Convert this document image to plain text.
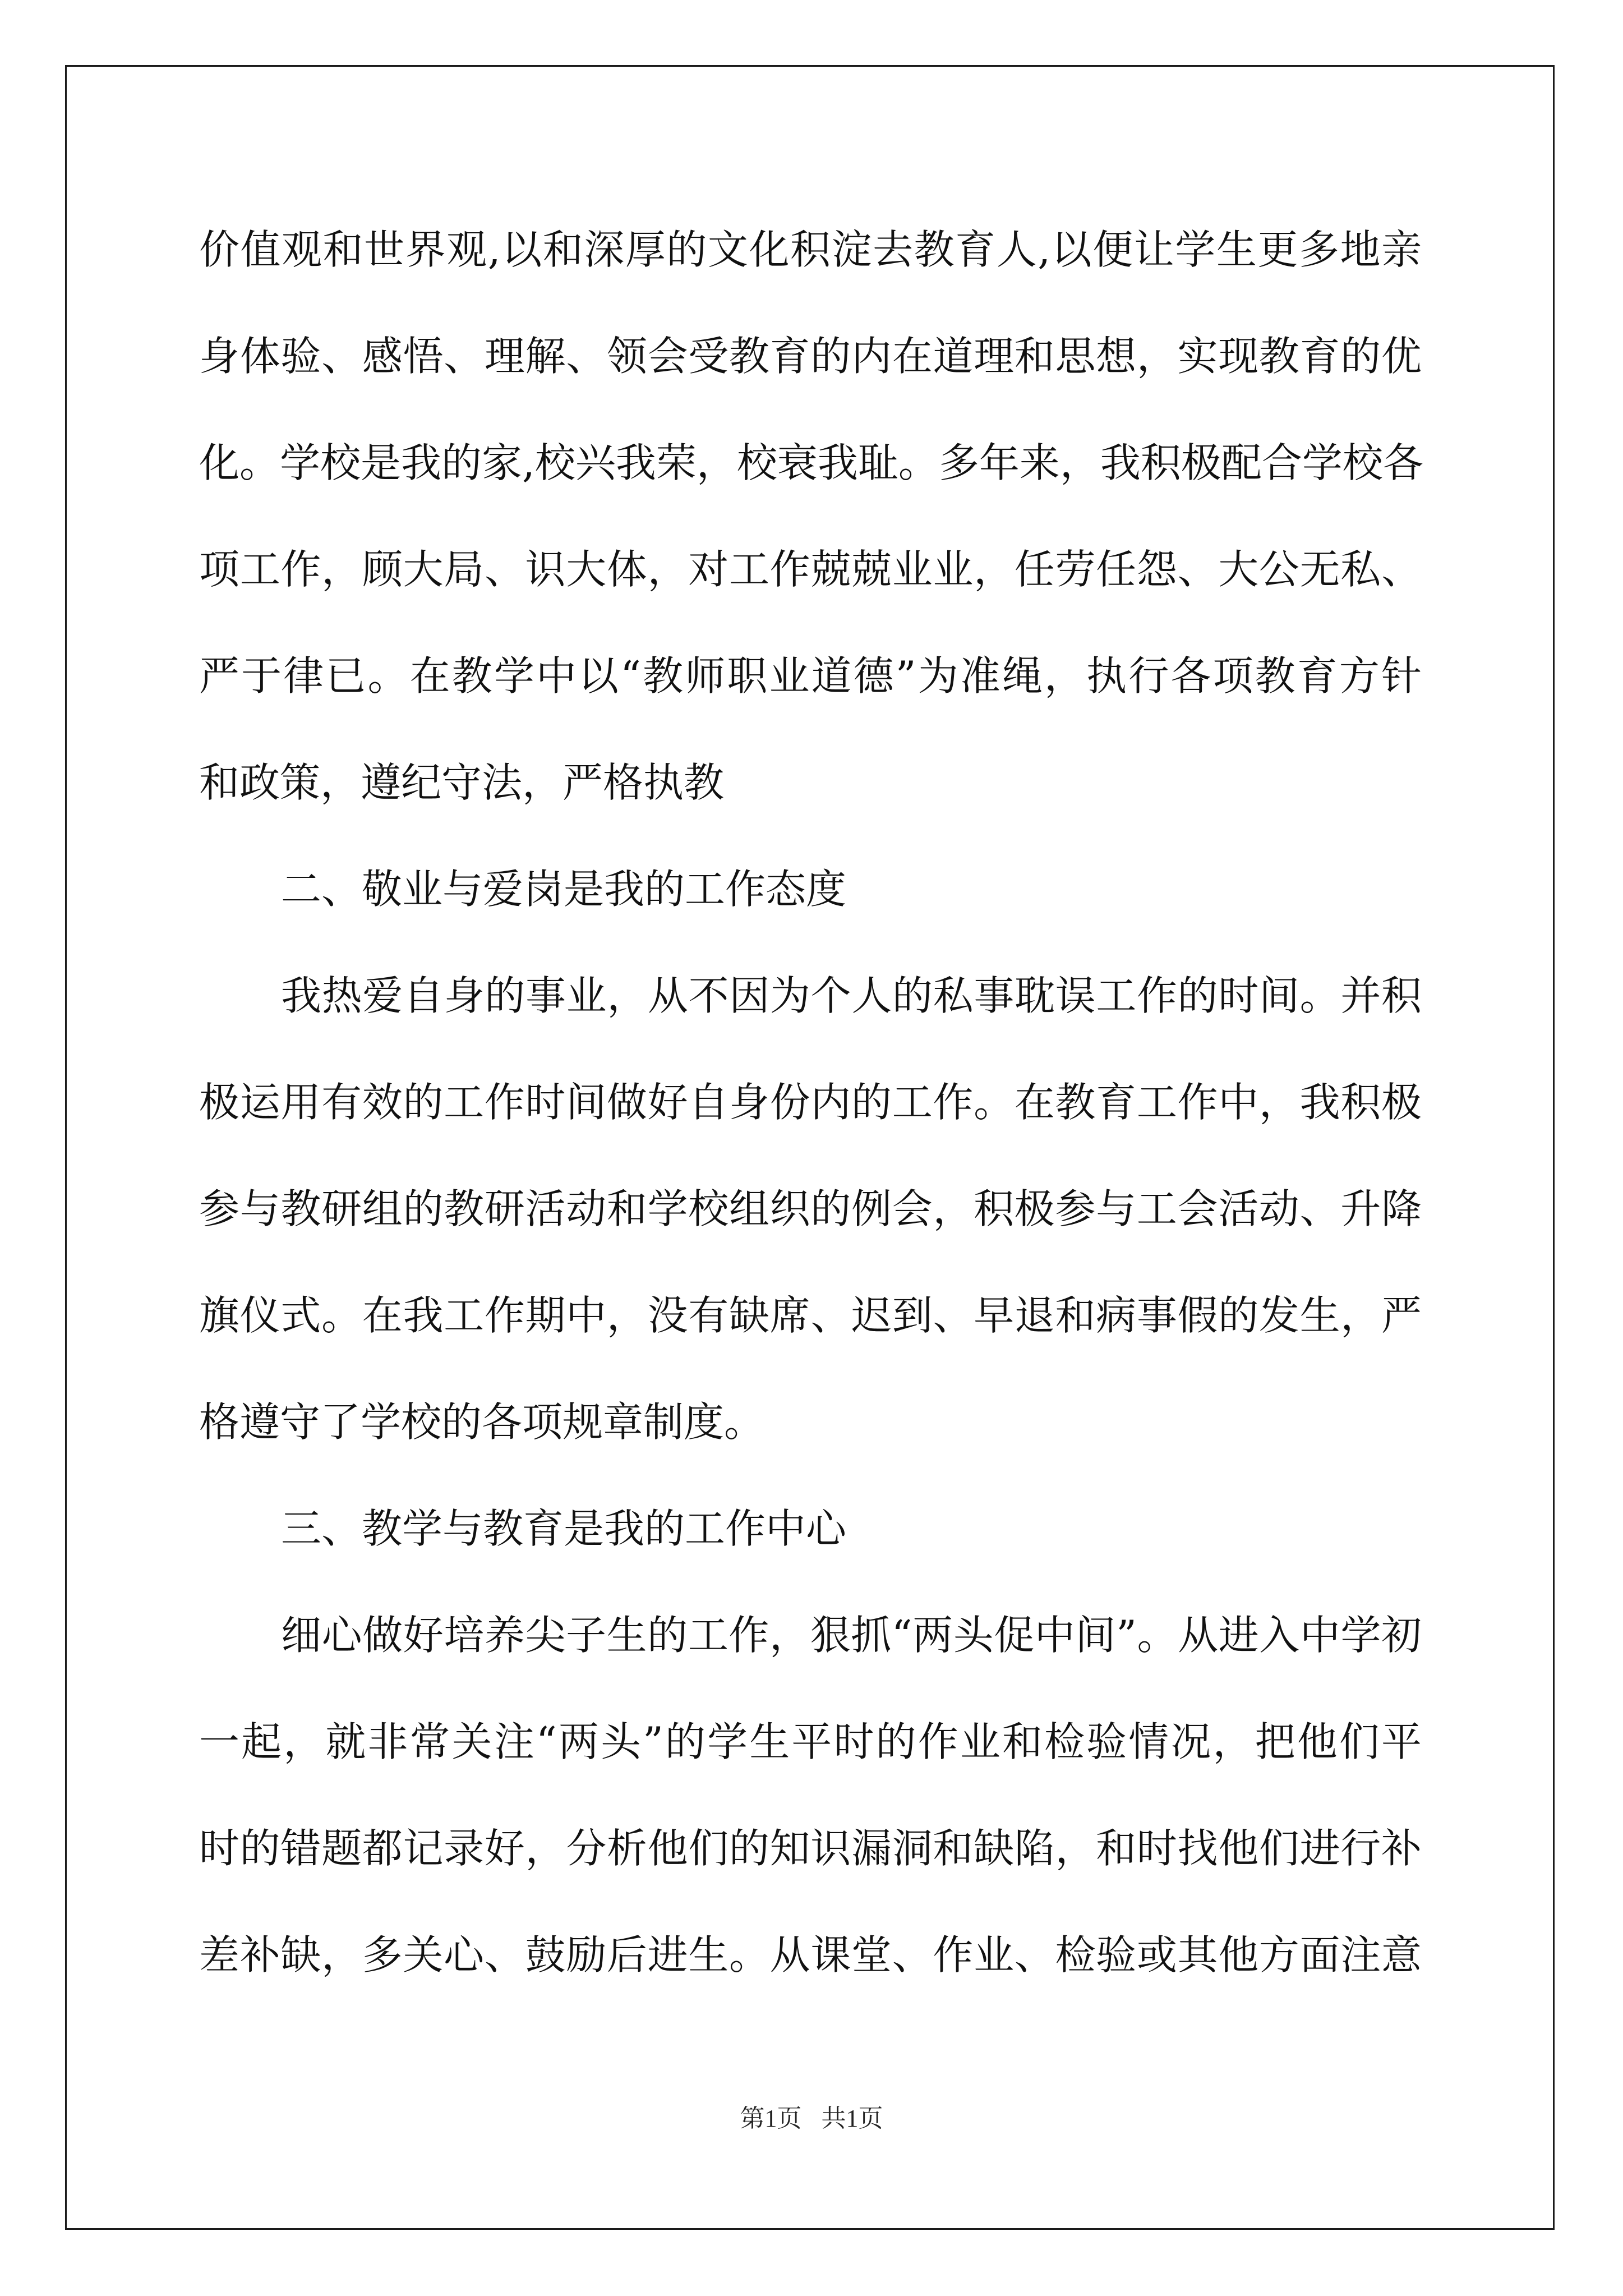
价值观和世界观,以和深厚的文化积淀去教育人,以便让学生更多地亲
身体验、感悟、理解、领会受教育的内在道理和思想，实现教育的优
化。学校是我的家,校兴我荣，校衰我耻。多年来，我积极配合学校各
项工作，顾大局、识大体，对工作兢兢业业，任劳任怨、大公无私、
严于律已。在教学中以“教师职业道德”为准绳，执行各项教育方针
和政策，遵纪守法，严格执教
二、敬业与爱岗是我的工作态度
我热爱自身的事业，从不因为个人的私事耽误工作的时间。并积
极运用有效的工作时间做好自身份内的工作。在教育工作中，我积极
参与教研组的教研活动和学校组织的例会，积极参与工会活动、升降
旗仪式。在我工作期中，没有缺席、迟到、早退和病事假的发生，严
格遵守了学校的各项规章制度。
三、教学与教育是我的工作中心
细心做好培养尖子生的工作，狠抓“两头促中间”。从进入中学初
一起，就非常关注“两头”的学生平时的作业和检验情况，把他们平
时的错题都记录好，分析他们的知识漏洞和缺陷，和时找他们进行补
差补缺，多关心、鼓励后进生。从课堂、作业、检验或其他方面注意
第1页 共1页
